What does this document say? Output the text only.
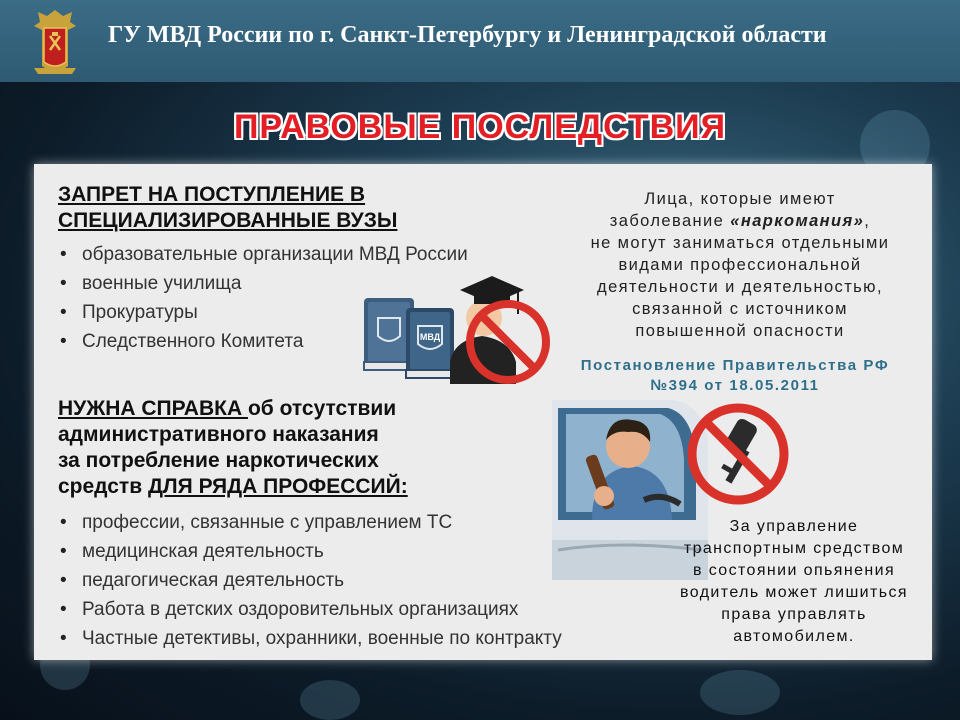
ГУ МВД России по г. Санкт-Петербургу и Ленинградской области
ПРАВОВЫЕ ПОСЛЕДСТВИЯ
ЗАПРЕТ НА ПОСТУПЛЕНИЕ В
СПЕЦИАЛИЗИРОВАННЫЕ ВУЗЫ
• образовательные организации МВД России
• военные училища
• Прокуратуры
• Следственного Комитета	МВД
НУЖНА СПРАВКА об отсутствии
административного наказания
за потребление наркотических
средств ДЛЯ РЯДА ПРОФЕССИЙ:
• профессии, связанные с управлением ТС
• медицинская деятельность
• педагогическая деятельность
• Работа в детских оздоровительных организациях
• Частные детективы, охранники, военные по контракту
Лица, которые имеют
заболевание «наркомания»,
не могут заниматься отдельными
видами профессиональной
деятельности и деятельностью,
связанной с источником
повышенной опасности
Постановление Правительства РФ
№394 от 18.05.2011
За управление
транспортным средством
в состоянии опьянения
водитель может лишиться
права управлять
автомобилем.
